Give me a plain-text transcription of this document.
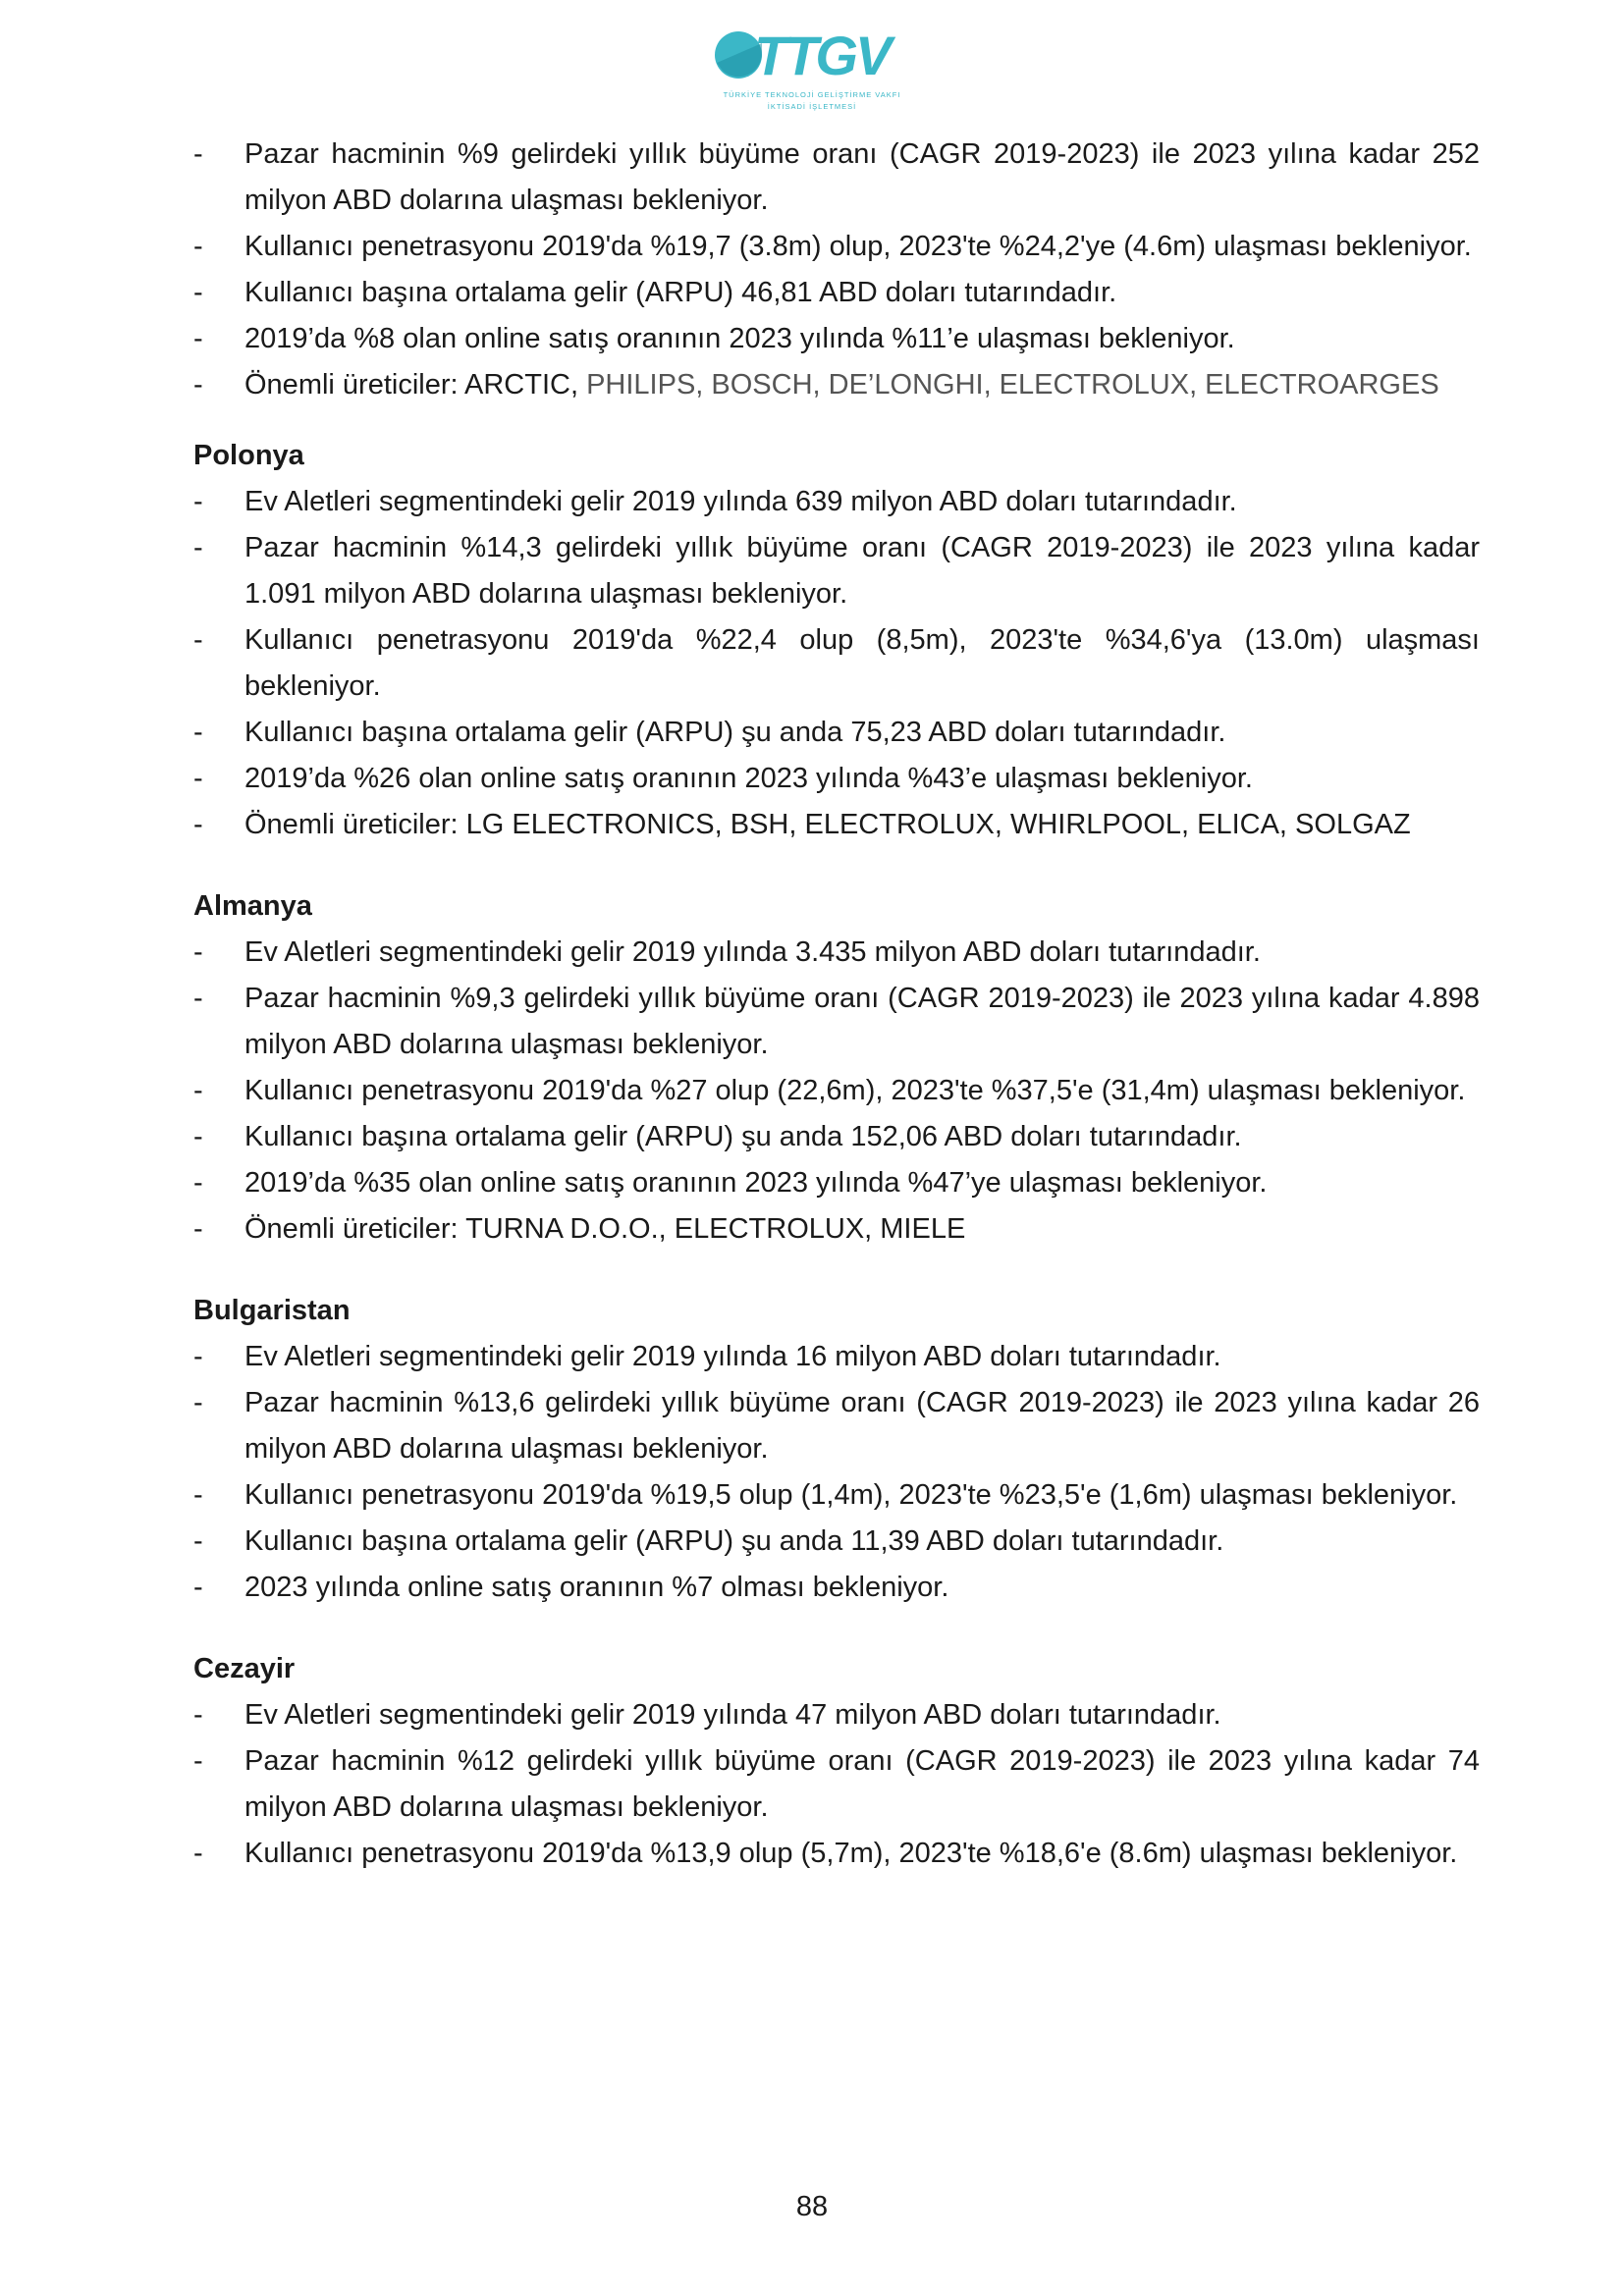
TTGV
TÜRKİYE TEKNOLOJİ GELİŞTİRME VAKFI
İKTİSADİ İŞLETMESİ
- Pazar hacminin %9 gelirdeki yıllık büyüme oranı (CAGR 2019-2023) ile 2023 yılına kadar 252 milyon ABD dolarına ulaşması bekleniyor.
- Kullanıcı penetrasyonu 2019'da %19,7 (3.8m) olup, 2023'te %24,2'ye (4.6m) ulaşması bekleniyor.
- Kullanıcı başına ortalama gelir (ARPU) 46,81 ABD doları tutarındadır.
- 2019’da %8 olan online satış oranının 2023 yılında %11’e ulaşması bekleniyor.
- Önemli üreticiler: ARCTIC, PHILIPS, BOSCH, DE’LONGHI, ELECTROLUX, ELECTROARGES

Polonya

- Ev Aletleri segmentindeki gelir 2019 yılında 639 milyon ABD doları tutarındadır.
- Pazar hacminin %14,3 gelirdeki yıllık büyüme oranı (CAGR 2019-2023) ile 2023 yılına kadar 1.091 milyon ABD dolarına ulaşması bekleniyor.
- Kullanıcı penetrasyonu 2019'da %22,4 olup (8,5m), 2023'te %34,6'ya (13.0m) ulaşması bekleniyor.
- Kullanıcı başına ortalama gelir (ARPU) şu anda 75,23 ABD doları tutarındadır.
- 2019’da %26 olan online satış oranının 2023 yılında %43’e ulaşması bekleniyor.
- Önemli üreticiler: LG ELECTRONICS, BSH, ELECTROLUX, WHIRLPOOL, ELICA, SOLGAZ

Almanya

- Ev Aletleri segmentindeki gelir 2019 yılında 3.435 milyon ABD doları tutarındadır.
- Pazar hacminin %9,3 gelirdeki yıllık büyüme oranı (CAGR 2019-2023) ile 2023 yılına kadar 4.898 milyon ABD dolarına ulaşması bekleniyor.
- Kullanıcı penetrasyonu 2019'da %27 olup (22,6m), 2023'te %37,5'e (31,4m) ulaşması bekleniyor.
- Kullanıcı başına ortalama gelir (ARPU) şu anda 152,06 ABD doları tutarındadır.
- 2019’da %35 olan online satış oranının 2023 yılında %47’ye ulaşması bekleniyor.
- Önemli üreticiler: TURNA D.O.O., ELECTROLUX, MIELE

Bulgaristan

- Ev Aletleri segmentindeki gelir 2019 yılında 16 milyon ABD doları tutarındadır.
- Pazar hacminin %13,6 gelirdeki yıllık büyüme oranı (CAGR 2019-2023) ile 2023 yılına kadar 26 milyon ABD dolarına ulaşması bekleniyor.
- Kullanıcı penetrasyonu 2019'da %19,5 olup (1,4m), 2023'te %23,5'e (1,6m) ulaşması bekleniyor.
- Kullanıcı başına ortalama gelir (ARPU) şu anda 11,39 ABD doları tutarındadır.
- 2023 yılında online satış oranının %7 olması bekleniyor.

Cezayir

- Ev Aletleri segmentindeki gelir 2019 yılında 47 milyon ABD doları tutarındadır.
- Pazar hacminin %12 gelirdeki yıllık büyüme oranı (CAGR 2019-2023) ile 2023 yılına kadar 74 milyon ABD dolarına ulaşması bekleniyor.
- Kullanıcı penetrasyonu 2019'da %13,9 olup (5,7m), 2023'te %18,6'e (8.6m) ulaşması bekleniyor.
88
